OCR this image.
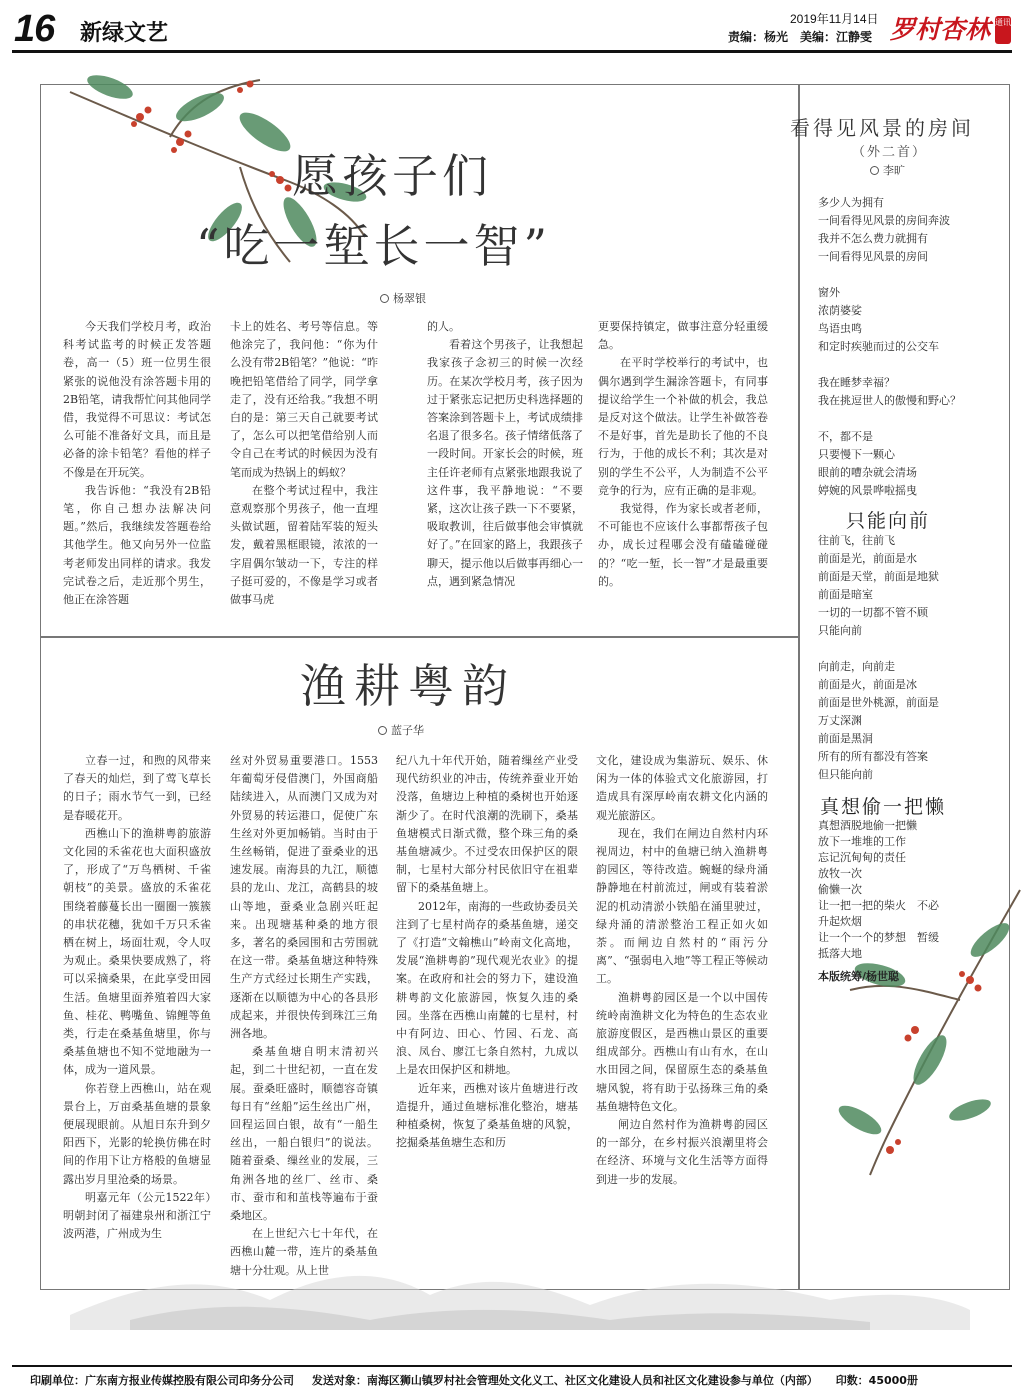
16 新绿文艺
2019年11月14日
责编：杨光　美编：江静雯 罗村杏林 通讯
愿孩子们
“吃一堑长一智”
杨翠银

今天我们学校月考，政治科考试监考的时候正发答题卷，高一（5）班一位男生很紧张的说他没有涂答题卡用的2B铅笔，请我帮忙问其他同学借，我觉得不可思议：考试怎么可能不准备好文具，而且是必备的涂卡铅笔？看他的样子不像是在开玩笑。

我告诉他：“我没有2B铅笔，你自己想办法解决问题。”然后，我继续发答题卷给其他学生。他又向另外一位监考老师发出同样的请求。我发完试卷之后，走近那个男生，他正在涂答题

卡上的姓名、考号等信息。等他涂完了，我问他：“你为什么没有带2B铅笔？”他说：“昨晚把铅笔借给了同学，同学拿走了，没有还给我。”我想不明白的是：第三天自己就要考试了，怎么可以把笔借给别人而令自己在考试的时候因为没有笔而成为热锅上的蚂蚁？

在整个考试过程中，我注意观察那个男孩子，他一直埋头做试题，留着陆军装的短头发，戴着黑框眼镜，浓浓的一字眉偶尔皱动一下，专注的样子挺可爱的，不像是学习或者做事马虎

的人。

看着这个男孩子，让我想起我家孩子念初三的时候一次经历。在某次学校月考，孩子因为过于紧张忘记把历史科选择题的答案涂到答题卡上，考试成绩排名退了很多名。孩子情绪低落了一段时间。开家长会的时候，班主任许老师有点紧张地跟我说了这件事，我平静地说：“不要紧，这次让孩子跌一下不要紧，吸取教训，往后做事他会审慎就好了。”在回家的路上，我跟孩子聊天，提示他以后做事再细心一点，遇到紧急情况

更要保持镇定，做事注意分轻重缓急。

在平时学校举行的考试中，也偶尔遇到学生漏涂答题卡，有同事提议给学生一个补做的机会，我总是反对这个做法。让学生补做答卷不是好事，首先是助长了他的不良行为，于他的成长不利；其次是对别的学生不公平，人为制造不公平竞争的行为，应有正确的是非观。

我觉得，作为家长或者老师，不可能也不应该什么事都帮孩子包办，成长过程哪会没有磕磕碰碰的？“吃一堑，长一智”才是最重要的。

渔耕粤韵
蓝子华

立春一过，和煦的风带来了春天的灿烂，到了莺飞草长的日子；雨水节气一到，已经是春暖花开。

西樵山下的渔耕粤韵旅游文化园的禾雀花也大面积盛放了，形成了“万鸟栖树、千雀朝枝”的美景。盛放的禾雀花围绕着藤蔓长出一圈圈一簇簇的串状花穗，犹如千万只禾雀栖在树上，场面壮观，令人叹为观止。桑果快要成熟了，将可以采摘桑果，在此享受田园生活。鱼塘里面养殖着四大家鱼、桂花、鸭嘴鱼、锦鲤等鱼类，行走在桑基鱼塘里，你与桑基鱼塘也不知不觉地融为一体，成为一道风景。

你若登上西樵山，站在观景台上，万亩桑基鱼塘的景象便展现眼前。从旭日东升到夕阳西下，光影的轮换仿佛在时间的作用下让方格般的鱼塘显露出岁月里沧桑的场景。

明嘉元年（公元1522年）明朝封闭了福建泉州和浙江宁波两港，广州成为生

丝对外贸易重要港口。1553年葡萄牙侵借澳门，外国商船陆续进入，从而澳门又成为对外贸易的转运港口，促使广东生丝对外更加畅销。当时由于生丝畅销，促进了蚕桑业的迅速发展。南海县的九江，顺德县的龙山、龙江，高鹤县的坡山等地，蚕桑业急剧兴旺起来。出现塘基种桑的地方很多，著名的桑园围和古劳围就在这一带。桑基鱼塘这种特殊生产方式经过长期生产实践，逐渐在以顺德为中心的各县形成起来，并很快传到珠江三角洲各地。

桑基鱼塘自明末清初兴起，到二十世纪初，一直在发展。蚕桑旺盛时，顺德容奇镇每日有“丝船”运生丝出广州，回程运回白银，故有“一船生丝出，一船白银归”的说法。随着蚕桑、缫丝业的发展，三角洲各地的丝厂、丝市、桑市、蚕市和和茧栈等遍布于蚕桑地区。

在上世纪六七十年代，在西樵山麓一带，连片的桑基鱼塘十分壮观。从上世

纪八九十年代开始，随着缫丝产业受现代纺织业的冲击，传统养蚕业开始没落，鱼塘边上种植的桑树也开始逐渐少了。在时代浪潮的洗刷下，桑基鱼塘模式日渐式微，整个珠三角的桑基鱼塘减少。不过受农田保护区的限制，七星村大部分村民依旧守在祖辈留下的桑基鱼塘上。

2012年，南海的一些政协委员关注到了七星村尚存的桑基鱼塘，递交了《打造“文翰樵山”岭南文化高地，发展“渔耕粤韵”现代观光农业》的提案。在政府和社会的努力下，建设渔耕粤韵文化旅游园，恢复久违的桑园。坐落在西樵山南麓的七星村，村中有阿边、田心、竹园、石龙、高浪、凤台、廖江七条自然村，九成以上是农田保护区和耕地。

近年来，西樵对该片鱼塘进行改造提升，通过鱼塘标准化整治，塘基种植桑树，恢复了桑基鱼塘的风貌，挖掘桑基鱼塘生态和历

文化，建设成为集游玩、娱乐、休闲为一体的体验式文化旅游园，打造成具有深厚岭南农耕文化内涵的观光旅游区。

现在，我们在闸边自然村内环视周边，村中的鱼塘已纳入渔耕粤韵园区，等待改造。蜿蜒的绿舟涌静静地在村前流过，闸或有装着淤泥的机动清淤小铁船在涌里驶过，绿舟涌的清淤整治工程正如火如荼。而闸边自然村的“雨污分离”、“强弱电入地”等工程正等候动工。

渔耕粤韵园区是一个以中国传统岭南渔耕文化为特色的生态农业旅游度假区，是西樵山景区的重要组成部分。西樵山有山有水，在山水田园之间，保留原生态的桑基鱼塘风貌，将有助于弘扬珠三角的桑基鱼塘特色文化。

闸边自然村作为渔耕粤韵园区的一部分，在乡村振兴浪潮里将会在经济、环境与文化生活等方面得到进一步的发展。

看得见风景的房间
（外二首）
李旷
多少人为拥有
一间看得见风景的房间奔波
我并不怎么费力就拥有
一间看得见风景的房间
窗外
浓荫婆娑
鸟语虫鸣
和定时疾驰而过的公交车
我在睡梦幸福？
我在挑逗世人的傲慢和野心？
不，都不是
只要慢下一颗心
眼前的嘈杂就会清场
婷婉的风景哗啦摇曳
只能向前
往前飞，往前飞
前面是光，前面是水
前面是天堂，前面是地狱
前面是暗室
一切的一切都不管不顾
只能向前
向前走，向前走
前面是火，前面是冰
前面是世外桃源，前面是
万丈深渊
前面是黑洞
所有的所有都没有答案
但只能向前
真想偷一把懒
真想酒脱地偷一把懒
放下一堆堆的工作
忘记沉甸甸的责任
放牧一次
偷懒一次
让一把一把的柴火　不必
升起炊烟
让一个一个的梦想　暂缓
抵落大地
本版统筹/杨世聪
印刷单位：广东南方报业传媒控股有限公司印务分公司 发送对象：南海区狮山镇罗村社会管理处文化义工、社区文化建设人员和社区文化建设参与单位（内部） 印数：45000册
